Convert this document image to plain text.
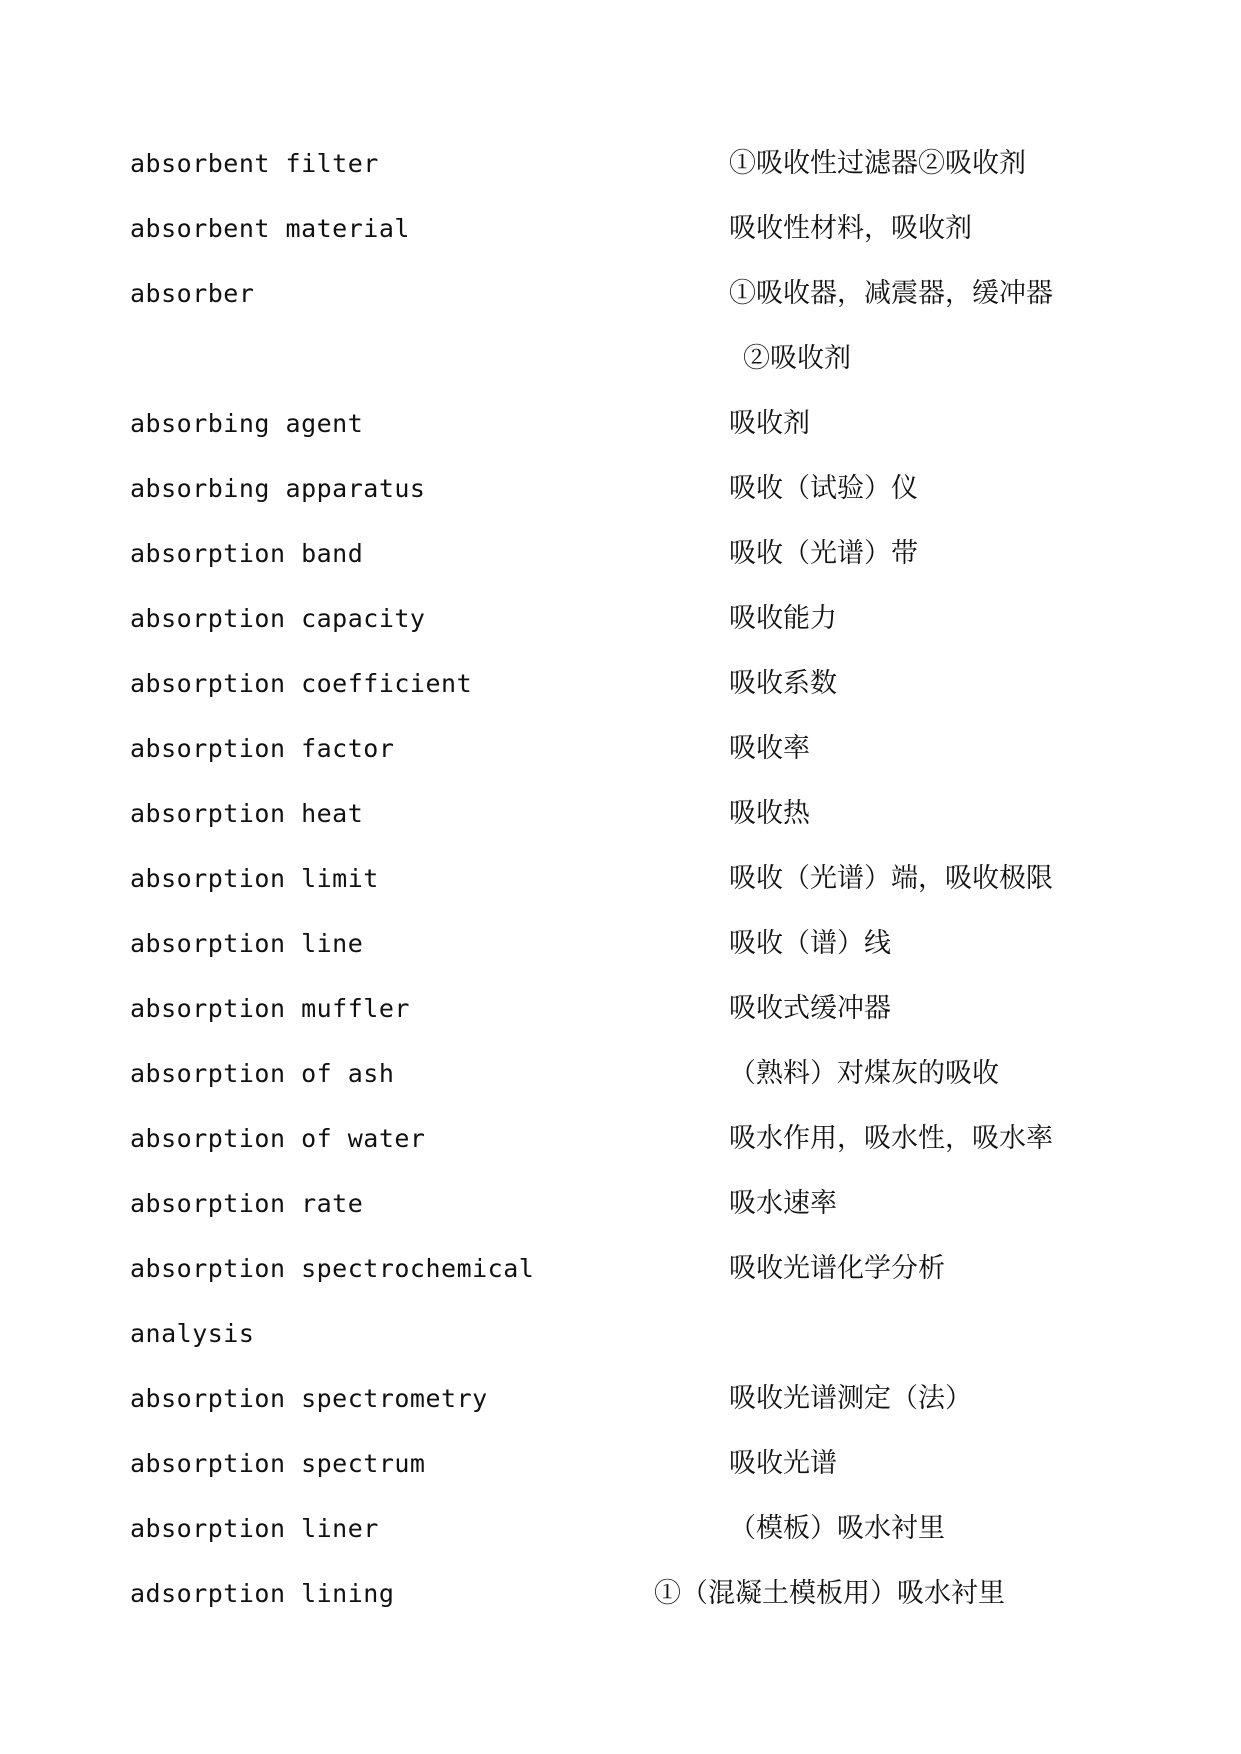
absorbent filter	①吸收性过滤器②吸收剂
absorbent material	吸收性材料，吸收剂
absorber	①吸收器，减震器，缓冲器
②吸收剂
absorbing agent	吸收剂
absorbing apparatus	吸收（试验）仪
absorption band	吸收（光谱）带
absorption capacity	吸收能力
absorption coefficient	吸收系数
absorption factor	吸收率
absorption heat	吸收热
absorption limit	吸收（光谱）端，吸收极限
absorption line	吸收（谱）线
absorption muffler	吸收式缓冲器
absorption of ash	（熟料）对煤灰的吸收
absorption of water	吸水作用，吸水性，吸水率
absorption rate	吸水速率
absorption spectrochemical	吸收光谱化学分析
analysis
absorption spectrometry	吸收光谱测定（法）
absorption spectrum	吸收光谱
absorption liner	（模板）吸水衬里
adsorption lining	①（混凝土模板用）吸水衬里
